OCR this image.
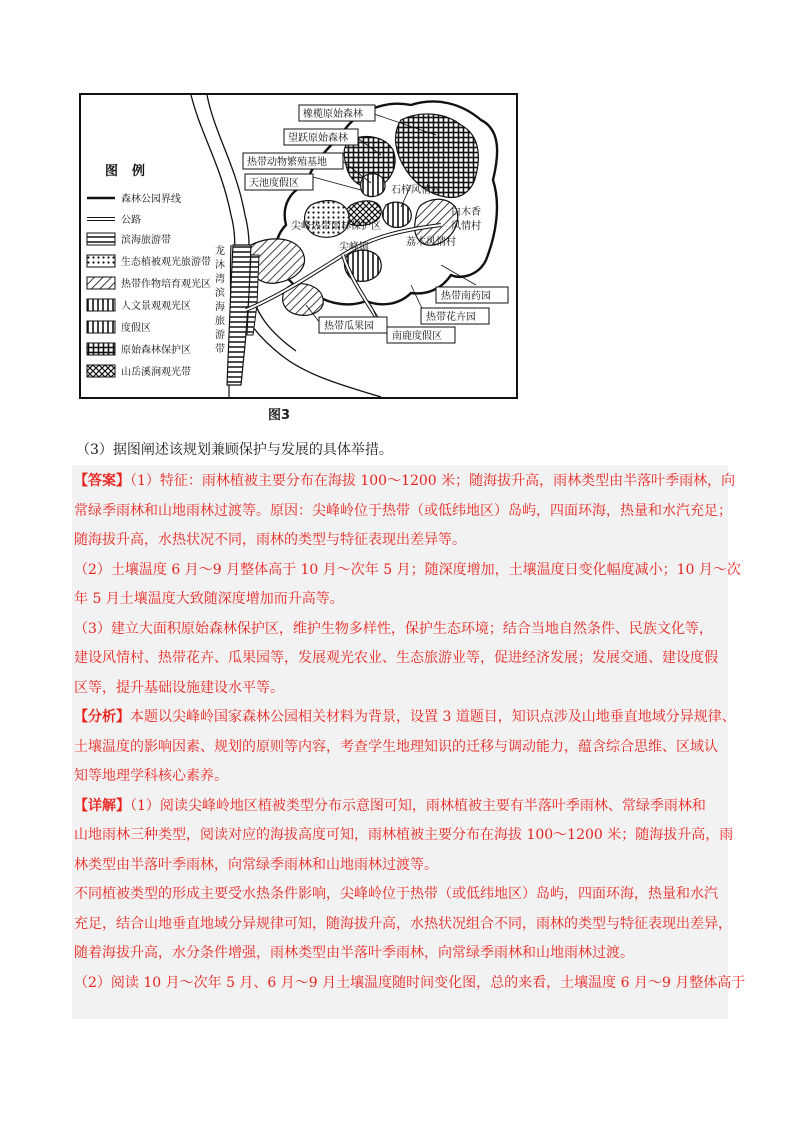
橡榄原始森林
望跃原始森林
热带动物繁殖基地
天池度假区
石梓风情村
白木香
风情村
尖峰热带雨林保护区
尖峰镇	荔木风情村
热带南药园
热带花卉园
热带瓜果园
南鹿度假区
龙沐湾滨海旅游带
图例
森林公园界线
公路
滨海旅游带
生态植被观光旅游带
热带作物培育观光区
人文景观观光区
度假区
原始森林保护区
山岳溪涧观光带
图3
（3）据图阐述该规划兼顾保护与发展的具体举措。
【答案】（1）特征：雨林植被主要分布在海拔 100～1200 米；随海拔升高，雨林类型由半落叶季雨林，向
常绿季雨林和山地雨林过渡等。原因：尖峰岭位于热带（或低纬地区）岛屿，四面环海，热量和水汽充足；
随海拔升高，水热状况不同，雨林的类型与特征表现出差异等。
（2）土壤温度 6 月～9 月整体高于 10 月～次年 5 月；随深度增加，土壤温度日变化幅度减小；10 月～次
年 5 月土壤温度大致随深度增加而升高等。
（3）建立大面积原始森林保护区，维护生物多样性，保护生态环境；结合当地自然条件、民族文化等，
建设风情村、热带花卉、瓜果园等，发展观光农业、生态旅游业等，促进经济发展；发展交通、建设度假
区等，提升基础设施建设水平等。
【分析】本题以尖峰岭国家森林公园相关材料为背景，设置 3 道题目，知识点涉及山地垂直地域分异规律、
土壤温度的影响因素、规划的原则等内容，考查学生地理知识的迁移与调动能力，蕴含综合思维、区域认
知等地理学科核心素养。
【详解】（1）阅读尖峰岭地区植被类型分布示意图可知，雨林植被主要有半落叶季雨林、常绿季雨林和
山地雨林三种类型，阅读对应的海拔高度可知，雨林植被主要分布在海拔 100～1200 米；随海拔升高，雨
林类型由半落叶季雨林，向常绿季雨林和山地雨林过渡等。
不同植被类型的形成主要受水热条件影响，尖峰岭位于热带（或低纬地区）岛屿，四面环海，热量和水汽
充足，结合山地垂直地域分异规律可知，随海拔升高，水热状况组合不同，雨林的类型与特征表现出差异，
随着海拔升高，水分条件增强，雨林类型由半落叶季雨林，向常绿季雨林和山地雨林过渡。
（2）阅读 10 月～次年 5 月、6 月～9 月土壤温度随时间变化图，总的来看，土壤温度 6 月～9 月整体高于
